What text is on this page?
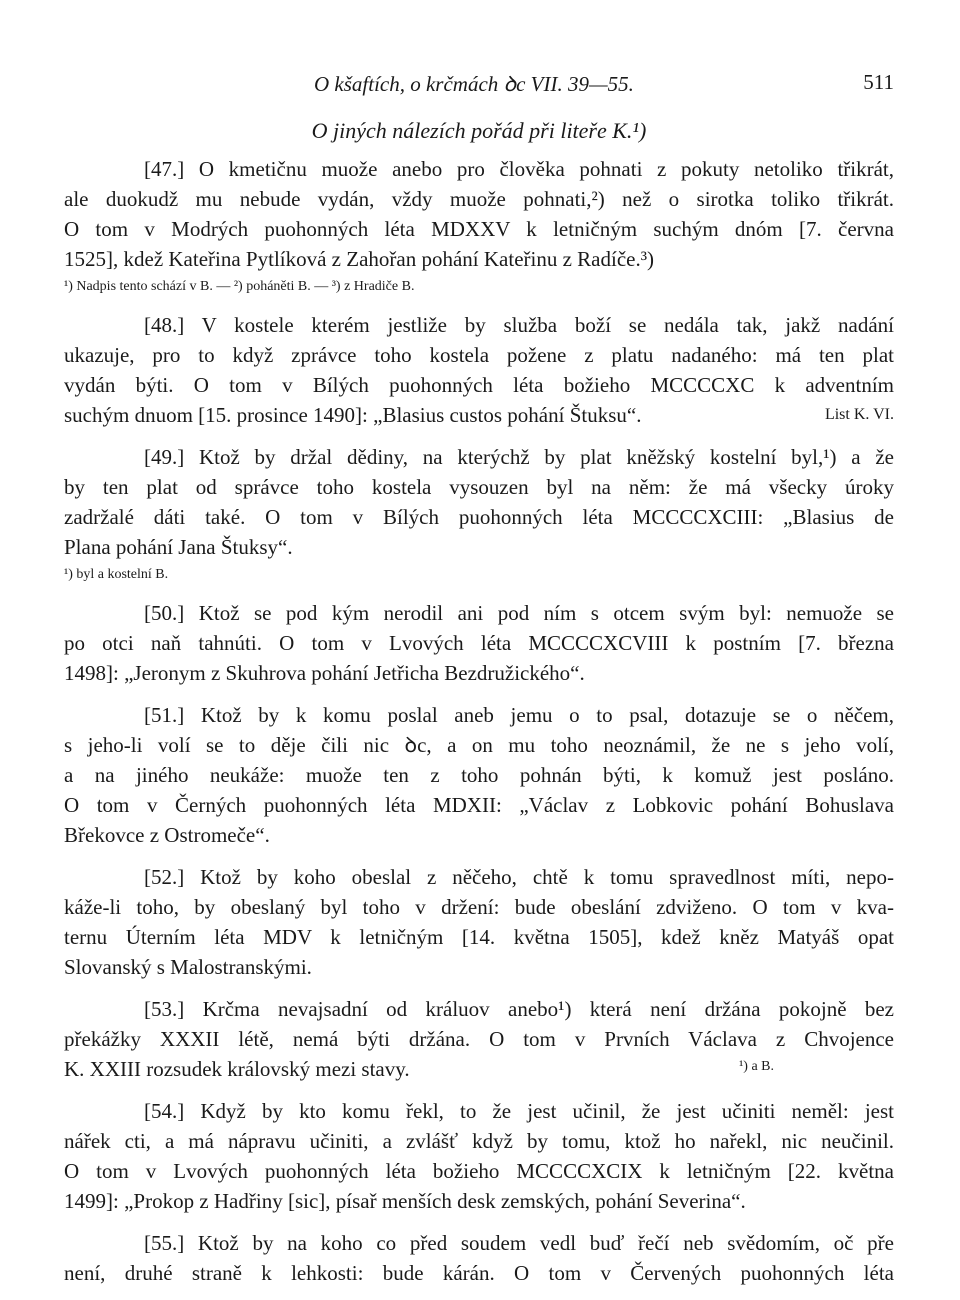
O kšaftích, o krčmách ꝺc VII. 39—55.	511
O jiných nálezích pořád při liteře K.¹)
[47.] O kmetičnu muože anebo pro člověka pohnati z pokuty netoliko třikrát,
ale duokudž mu nebude vydán, vždy muože pohnati,²) než o sirotka toliko třikrát.
O tom v Modrých puohonných léta MDXXV k letničným suchým dnóm [7. června
1525], kdež Kateřina Pytlíková z Zahořan pohání Kateřinu z Radíče.³)
¹) Nadpis tento schází v B. — ²) poháněti B. — ³) z Hradiče B.
[48.] V kostele kterém jestliže by služba boží se nedála tak, jakž nadání
ukazuje, pro to když zprávce toho kostela požene z platu nadaného: má ten plat
vydán býti. O tom v Bílých puohonných léta božieho MCCCCXC k adventním
suchým dnuom [15. prosince 1490]: „Blasius custos pohání Štuksu“.	List K. VI.
[49.] Ktož by držal dědiny, na kterýchž by plat kněžský kostelní byl,¹) a že
by ten plat od správce toho kostela vysouzen byl na něm: že má všecky úroky
zadržalé dáti také. O tom v Bílých puohonných léta MCCCCXCIII: „Blasius de
Plana pohání Jana Štuksy“.
¹) byl a kostelní B.
[50.] Ktož se pod kým nerodil ani pod ním s otcem svým byl: nemuože se
po otci naň tahnúti. O tom v Lvových léta MCCCCXCVIII k postním [7. března
1498]: „Jeronym z Skuhrova pohání Jetřicha Bezdružického“.
[51.] Ktož by k komu poslal aneb jemu o to psal, dotazuje se o něčem,
s jeho-li volí se to děje čili nic ꝺc, a on mu toho neoznámil, že ne s jeho volí,
a na jiného neukáže: muože ten z toho pohnán býti, k komuž jest posláno.
O tom v Černých puohonných léta MDXII: „Václav z Lobkovic pohání Bohuslava
Břekovce z Ostromeče“.
[52.] Ktož by koho obeslal z něčeho, chtě k tomu spravedlnost míti, nepo-
káže-li toho, by obeslaný byl toho v držení: bude obeslání zdviženo. O tom v kva-
ternu Úterním léta MDV k letničným [14. května 1505], kdež kněz Matyáš opat
Slovanský s Malostranskými.
[53.] Krčma nevajsadní od králuov anebo¹) která není držána pokojně bez
překážky XXXII létě, nemá býti držána. O tom v Prvních Václava z Chvojence
K. XXIII rozsudek královský mezi stavy.	¹) a B.
[54.] Když by kto komu řekl, to že jest učinil, že jest učiniti neměl: jest
nářek cti, a má nápravu učiniti, a zvlášť když by tomu, ktož ho nařekl, nic neučinil.
O tom v Lvových puohonných léta božieho MCCCCXCIX k letničným [22. května
1499]: „Prokop z Hadřiny [sic], písař menších desk zemských, pohání Severina“.
[55.] Ktož by na koho co před soudem vedl buď řečí neb svědomím, oč pře
není, druhé straně k lehkosti: bude kárán. O tom v Červených puohonných léta
